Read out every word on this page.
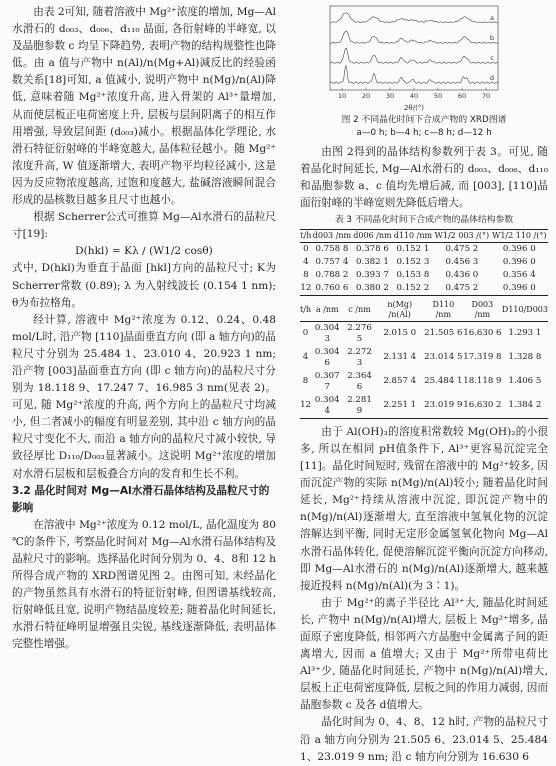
由表 2可知, 随着溶液中 Mg²⁺浓度的增加, Mg—Al水滑石的 d₀₀₃、d₀₀₆、d₁₁₀ 晶面, 各衍射峰的半峰宽, 以及晶胞参数 c 均呈下降趋势, 表明产物的结构规整性也降低。由 a 值与产物中 n(Al)/n(Mg+Al)减反比的经验函数关系[18]可知, a 值减小, 说明产物中 n(Mg)/n(Al)降低, 意味着随 Mg²⁺浓度升高, 进入骨架的 Al³⁺量增加, 从而使层板正电荷密度上升, 层板与层间阴离子的相互作用增强, 导致层间距 (d₀₀₃)减小。根据晶体化学理论, 水滑石特征衍射峰的半峰宽越大, 晶体粒径越小。随 Mg²⁺浓度升高, W 值逐渐增大, 表明产物平均粒径减小, 这是因为反应物浓度越高, 过饱和度越大, 盐碱溶液瞬间混合形成的晶核数目越多且尺寸也越小。

根据 Scherrer公式可推算 Mg—Al水滑石的晶粒尺寸[19]:

D(hkl) = Kλ / (W1/2 cosθ)

式中, D(hkl)为垂直于晶面 [hkl]方向的晶粒尺寸; K为 Scherrer常数 (0.89); λ 为入射线波长 (0.154 1 nm); θ为布拉格角。

经计算, 溶液中 Mg²⁺浓度为 0.12、0.24、0.48 mol/L时, 沿产物 [110]晶面垂直方向 (即 a 轴方向)的晶粒尺寸分别为 25.484 1、23.010 4、20.923 1 nm; 沿产物 [003]晶面垂直方向 (即 c 轴方向)的晶粒尺寸分别为 18.118 9、17.247 7、16.985 3 nm(见表 2)。可见, 随 Mg²⁺浓度的升高, 两个方向上的晶粒尺寸均减小, 但二者减小的幅度有明显差别, 其中沿 c 轴方向的晶粒尺寸变化不大, 而沿 a 轴方向的晶粒尺寸减小较快, 导致径厚比 D₁₁₀/D₀₀₃显著减小。这说明 Mg²⁺浓度的增加对水滑石层板和层板叠合方向的发育和生长不利。

3.2 晶化时间对 Mg—Al水滑石晶体结构及晶粒尺寸的影响

在溶液中 Mg²⁺浓度为 0.12 mol/L, 晶化温度为 80 ℃的条件下, 考察晶化时间对 Mg—Al水滑石晶体结构及晶粒尺寸的影响。选择晶化时间分别为 0、4、8和 12 h所得合成产物的 XRD图谱见图 2。由图可知, 未经晶化的产物虽然具有水滑石的特征衍射峰, 但图谱基线较高, 衍射峰低且宽, 说明产物结晶度较差; 随着晶化时间延长, 水滑石特征峰明显增强且尖锐, 基线逐渐降低, 表明晶体完整性增强。

a
b
c
d
10 20 30 40 50 60 70
2θ/(°)

图 2 不同晶化时间下合成产物的 XRD图谱

a—0 h; b—4 h; c—8 h; d—12 h

由图 2得到的晶体结构参数列于表 3。可见, 随着晶化时间延长, Mg—Al水滑石的 d₀₀₃、d₀₀₆、d₁₁₀和晶胞参数 a、c 值均先增后减, 而 [003], [110]晶面衍射峰的半峰宽则先降低后增大。

表 3 不同晶化时间下合成产物的晶体结构参数

t/h	d003 /nm	d006 /nm	d110 /nm	W1/2 003 /(°)	W1/2 110 /(°)
0	0.758 8	0.378 6	0.152 1	0.475 2	0.396 0
4	0.757 4	0.382 1	0.152 3	0.456 3	0.396 0
8	0.788 2	0.393 7	0.153 8	0.436 0	0.356 4
12	0.760 6	0.380 2	0.152 2	0.475 2	0.396 0
t/h	a /nm	c /nm	n(Mg) /n(Al)	D110 /nm	D003 /nm	D110/D003
0	0.304 3	2.276 5	2.015 0	21.505 6	16.630 6	1.293 1
4	0.304 6	2.272 3	2.131 4	23.014 5	17.319 8	1.328 8
8	0.307 7	2.364 6	2.857 4	25.484 1	18.118 9	1.406 5
12	0.304 4	2.281 9	2.251 1	23.019 9	16.630 2	1.384 2

由于 Al(OH)₃的溶度积常数较 Mg(OH)₂的小很多, 所以在相同 pH值条件下, Al³⁺更容易沉淀完全[11]。晶化时间短时, 残留在溶液中的 Mg²⁺较多, 因而沉淀产物的实际 n(Mg)/n(Al)较小; 随着晶化时间延长, Mg²⁺持续从溶液中沉淀, 即沉淀产物中的 n(Mg)/n(Al)逐渐增大, 直至溶液中氢氧化物的沉淀溶解达到平衡, 同时无定形金属氢氧化物向 Mg—Al水滑石晶体转化, 促使溶解沉淀平衡向沉淀方向移动, 即 Mg—Al水滑石的 n(Mg)/n(Al)逐渐增大, 越来越接近投料 n(Mg)/n(Al)(为 3∶1)。

由于 Mg²⁺的离子半径比 Al³⁺大, 随晶化时间延长, 产物中 n(Mg)/n(Al)增大, 层板上 Mg²⁺增多, 晶面原子密度降低, 相邻两六方晶胞中金属离子间的距离增大, 因而 a 值增大; 又由于 Mg²⁺所带电荷比 Al³⁺少, 随晶化时间延长, 产物中 n(Mg)/n(Al)增大, 层板上正电荷密度降低, 层板之间的作用力减弱, 因而晶胞参数 c 及各 d值增大。

晶化时间为 0、4、8、12 h时, 产物的晶粒尺寸沿 a 轴方向分别为 21.505 6、23.014 5、25.484 1、23.019 9 nm; 沿 c 轴方向分别为 16.630 6
